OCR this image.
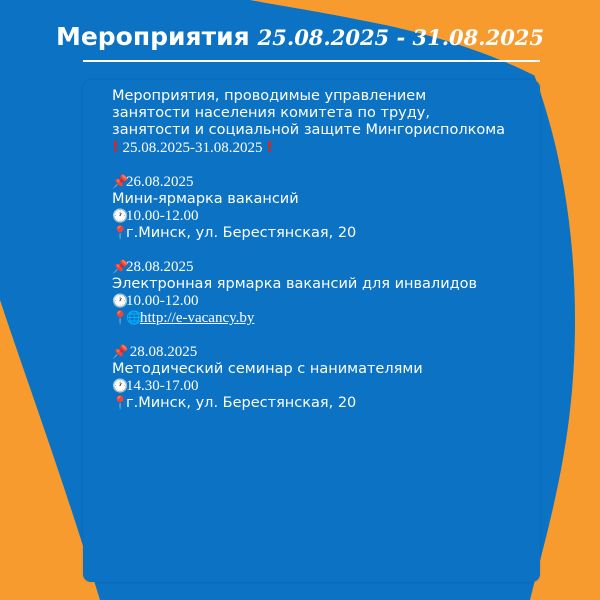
Мероприятия 25.08.2025 - 31.08.2025
Мероприятия, проводимые управлением
занятости населения комитета по труду,
занятости и социальной защите Мингорисполкома
! 25.08.2025-31.08.2025 !
📌26.08.2025
Мини-ярмарка вакансий
🕐10.00-12.00
📍г.Минск, ул. Берестянская, 20
📌28.08.2025
Электронная ярмарка вакансий для инвалидов
🕐10.00-12.00
📍🌐http://e-vacancy.by
📌 28.08.2025
Методический семинар с нанимателями
🕐14.30-17.00
📍г.Минск, ул. Берестянская, 20
